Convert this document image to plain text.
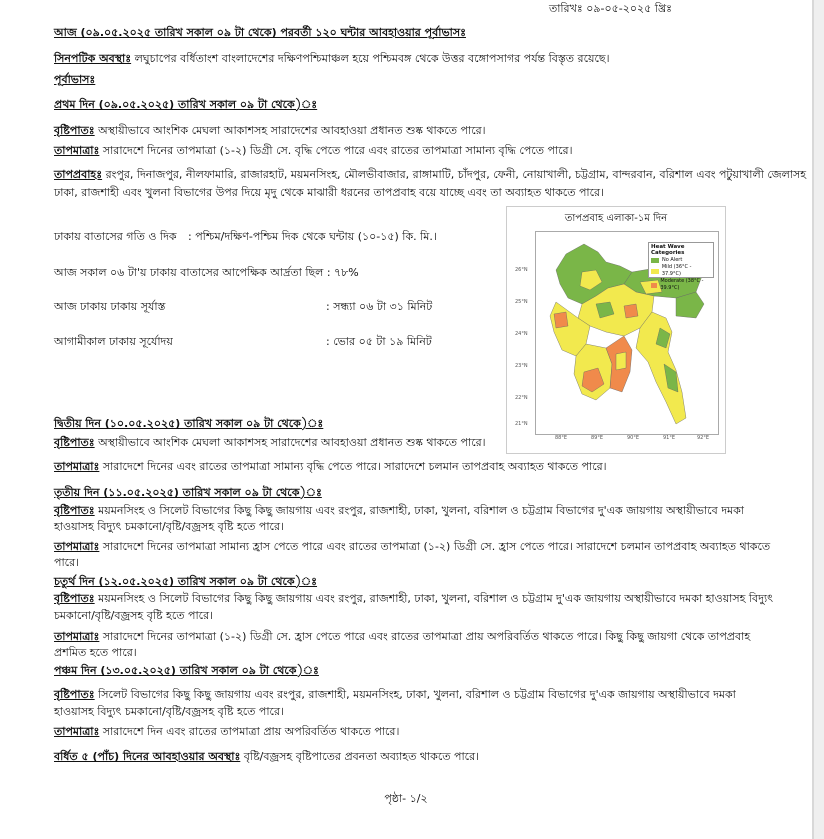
তারিখঃ ০৯-০৫-২০২৫ খ্রিঃ
আজ (০৯.০৫.২০২৫ তারিখ সকাল ০৯ টা থেকে) পরবর্তী ১২০ ঘন্টার আবহাওয়ার পূর্বাভাসঃ
সিনপটিক অবস্থাঃ লঘুচাপের বর্ধিতাংশ বাংলাদেশের দক্ষিণপশ্চিমাঞ্চল হয়ে পশ্চিমবঙ্গ থেকে উত্তর বঙ্গোপসাগর পর্যন্ত বিস্তৃত রয়েছে।
পূর্বাভাসঃ
প্রথম দিন (০৯.০৫.২০২৫) তারিখ সকাল ০৯ টা থেকে)ঃ
বৃষ্টিপাতঃ অস্থায়ীভাবে আংশিক মেঘলা আকাশসহ সারাদেশের আবহাওয়া প্রধানত শুষ্ক থাকতে পারে।
তাপমাত্রাঃ সারাদেশে দিনের তাপমাত্রা (১-২) ডিগ্রী সে. বৃদ্ধি পেতে পারে এবং রাতের তাপমাত্রা সামান্য বৃদ্ধি পেতে পারে।
তাপপ্রবাহঃ রংপুর, দিনাজপুর, নীলফামারি, রাজারহাট, ময়মনসিংহ, মৌলভীবাজার, রাঙ্গামাটি, চাঁদপুর, ফেনী, নোয়াখালী, চট্টগ্রাম, বান্দরবান, বরিশাল এবং পটুয়াখালী জেলাসহ
ঢাকা, রাজশাহী এবং খুলনা বিভাগের উপর দিয়ে মৃদু থেকে মাঝারী ধরনের তাপপ্রবাহ বয়ে যাচ্ছে এবং তা অব্যাহত থাকতে পারে।
ঢাকায় বাতাসের গতি ও দিক : পশ্চিম/দক্ষিণ-পশ্চিম দিক থেকে ঘন্টায় (১০-১৫) কি. মি.।
আজ সকাল ০৬ টা'য় ঢাকায় বাতাসের আপেক্ষিক আর্দ্রতা ছিল : ৭৮%
আজ ঢাকায় ঢাকায় সূর্যাস্ত	: সন্ধ্যা ০৬ টা ৩১ মিনিট
আগামীকাল ঢাকায় সূর্যোদয়	: ভোর ০৫ টা ১৯ মিনিট
তাপপ্রবাহ এলাকা-১ম দিন
26°N
25°N
24°N
23°N
22°N
21°N
Heat Wave Categories
No Alert
Mild (36°C - 37.9°C)
Moderate (38°C - 39.9°C)
88°E	89°E	90°E	91°E	92°E
দ্বিতীয় দিন (১০.০৫.২০২৫) তারিখ সকাল ০৯ টা থেকে)ঃ
বৃষ্টিপাতঃ অস্থায়ীভাবে আংশিক মেঘলা আকাশসহ সারাদেশের আবহাওয়া প্রধানত শুষ্ক থাকতে পারে।
তাপমাত্রাঃ সারাদেশে দিনের এবং রাতের তাপমাত্রা সামান্য বৃদ্ধি পেতে পারে। সারাদেশে চলমান তাপপ্রবাহ অব্যাহত থাকতে পারে।
তৃতীয় দিন (১১.০৫.২০২৫) তারিখ সকাল ০৯ টা থেকে)ঃ
বৃষ্টিপাতঃ ময়মনসিংহ ও সিলেট বিভাগের কিছু কিছু জায়গায় এবং রংপুর, রাজশাহী, ঢাকা, খুলনা, বরিশাল ও চট্টগ্রাম বিভাগের দু'এক জায়গায় অস্থায়ীভাবে দমকা
হাওয়াসহ বিদ্যুৎ চমকানো/বৃষ্টি/বজ্রসহ বৃষ্টি হতে পারে।
তাপমাত্রাঃ সারাদেশে দিনের তাপমাত্রা সামান্য হ্রাস পেতে পারে এবং রাতের তাপমাত্রা (১-২) ডিগ্রী সে. হ্রাস পেতে পারে। সারাদেশে চলমান তাপপ্রবাহ অব্যাহত থাকতে
পারে।
চতুর্থ দিন (১২.০৫.২০২৫) তারিখ সকাল ০৯ টা থেকে)ঃ
বৃষ্টিপাতঃ ময়মনসিংহ ও সিলেট বিভাগের কিছু কিছু জায়গায় এবং রংপুর, রাজশাহী, ঢাকা, খুলনা, বরিশাল ও চট্টগ্রাম দু'এক জায়গায় অস্থায়ীভাবে দমকা হাওয়াসহ বিদ্যুৎ
চমকানো/বৃষ্টি/বজ্রসহ বৃষ্টি হতে পারে।
তাপমাত্রাঃ সারাদেশে দিনের তাপমাত্রা (১-২) ডিগ্রী সে. হ্রাস পেতে পারে এবং রাতের তাপমাত্রা প্রায় অপরিবর্তিত থাকতে পারে। কিছু কিছু জায়গা থেকে তাপপ্রবাহ
প্রশমিত হতে পারে।
পঞ্চম দিন (১৩.০৫.২০২৫) তারিখ সকাল ০৯ টা থেকে)ঃ
বৃষ্টিপাতঃ সিলেট বিভাগের কিছু কিছু জায়গায় এবং রংপুর, রাজশাহী, ময়মনসিংহ, ঢাকা, খুলনা, বরিশাল ও চট্টগ্রাম বিভাগের দু'এক জায়গায় অস্থায়ীভাবে দমকা
হাওয়াসহ বিদ্যুৎ চমকানো/বৃষ্টি/বজ্রসহ বৃষ্টি হতে পারে।
তাপমাত্রাঃ সারাদেশে দিন এবং রাতের তাপমাত্রা প্রায় অপরিবর্তিত থাকতে পারে।
বর্ধিত ৫ (পাঁচ) দিনের আবহাওয়ার অবস্থাঃ বৃষ্টি/বজ্রসহ বৃষ্টিপাতের প্রবনতা অব্যাহত থাকতে পারে।
পৃষ্ঠা- ১/২
